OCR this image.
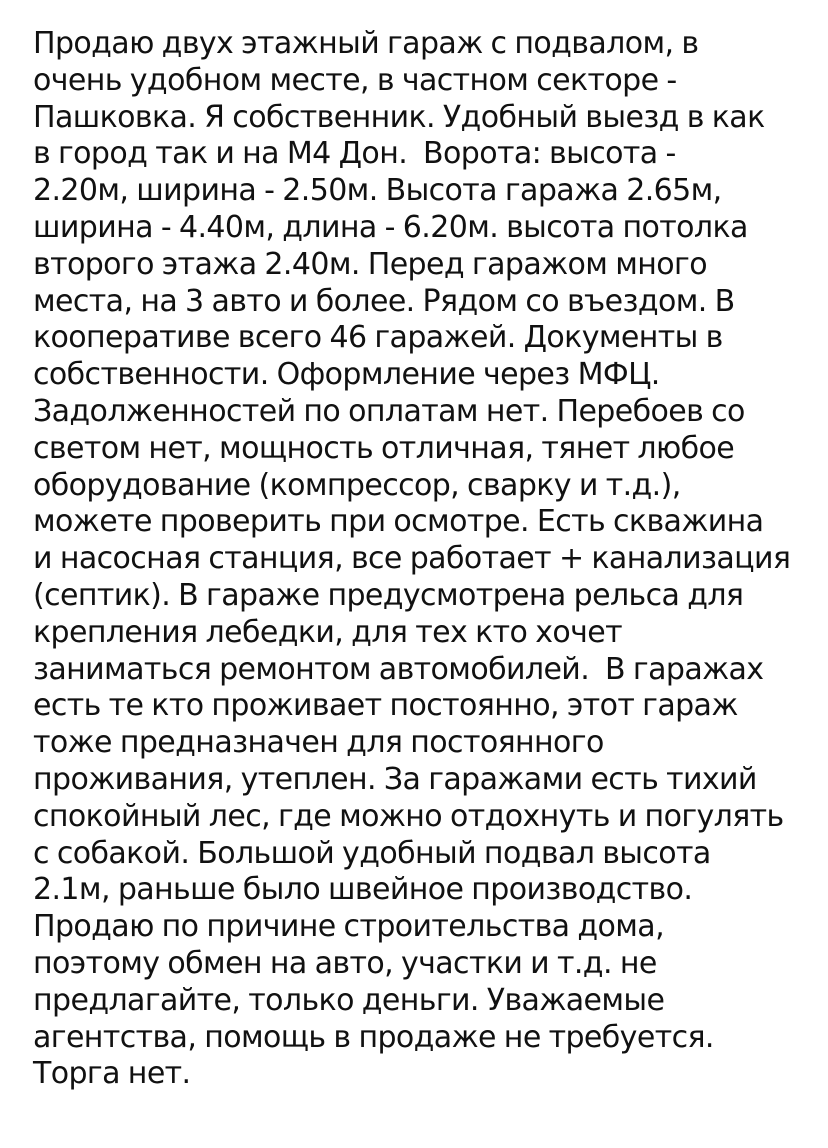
Продаю двух этажный гараж с подвалом, в
очень удобном месте, в частном секторе -
Пашковка. Я собственник. Удобный выезд в как
в город так и на М4 Дон.  Ворота: высота -
2.20м, ширина - 2.50м. Высота гаража 2.65м,
ширина - 4.40м, длина - 6.20м. высота потолка
второго этажа 2.40м. Перед гаражом много
места, на 3 авто и более. Рядом со въездом. В
кооперативе всего 46 гаражей. Документы в
собственности. Оформление через МФЦ.
Задолженностей по оплатам нет. Перебоев со
светом нет, мощность отличная, тянет любое
оборудование (компрессор, сварку и т.д.),
можете проверить при осмотре. Есть скважина
и насосная станция, все работает + канализация
(септик). В гараже предусмотрена рельса для
крепления лебедки, для тех кто хочет
заниматься ремонтом автомобилей.  В гаражах
есть те кто проживает постоянно, этот гараж
тоже предназначен для постоянного
проживания, утеплен. За гаражами есть тихий
спокойный лес, где можно отдохнуть и погулять
с собакой. Большой удобный подвал высота
2.1м, раньше было швейное производство.
Продаю по причине строительства дома,
поэтому обмен на авто, участки и т.д. не
предлагайте, только деньги. Уважаемые
агентства, помощь в продаже не требуется.
Торга нет.
